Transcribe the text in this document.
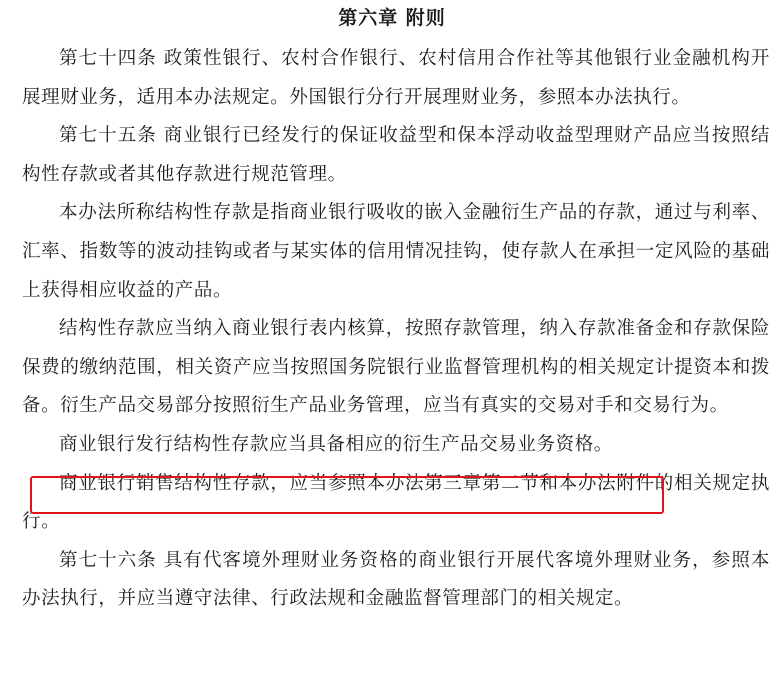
第六章 附则

第七十四条 政策性银行、农村合作银行、农村信用合作社等其他银行业金融机构开展理财业务，适用本办法规定。外国银行分行开展理财业务，参照本办法执行。

第七十五条 商业银行已经发行的保证收益型和保本浮动收益型理财产品应当按照结构性存款或者其他存款进行规范管理。

本办法所称结构性存款是指商业银行吸收的嵌入金融衍生产品的存款，通过与利率、汇率、指数等的波动挂钩或者与某实体的信用情况挂钩，使存款人在承担一定风险的基础上获得相应收益的产品。

结构性存款应当纳入商业银行表内核算，按照存款管理，纳入存款准备金和存款保险保费的缴纳范围，相关资产应当按照国务院银行业监督管理机构的相关规定计提资本和拨备。衍生产品交易部分按照衍生产品业务管理，应当有真实的交易对手和交易行为。

商业银行发行结构性存款应当具备相应的衍生产品交易业务资格。

商业银行销售结构性存款，应当参照本办法第三章第二节和本办法附件的相关规定执行。

第七十六条 具有代客境外理财业务资格的商业银行开展代客境外理财业务，参照本办法执行，并应当遵守法律、行政法规和金融监督管理部门的相关规定。
